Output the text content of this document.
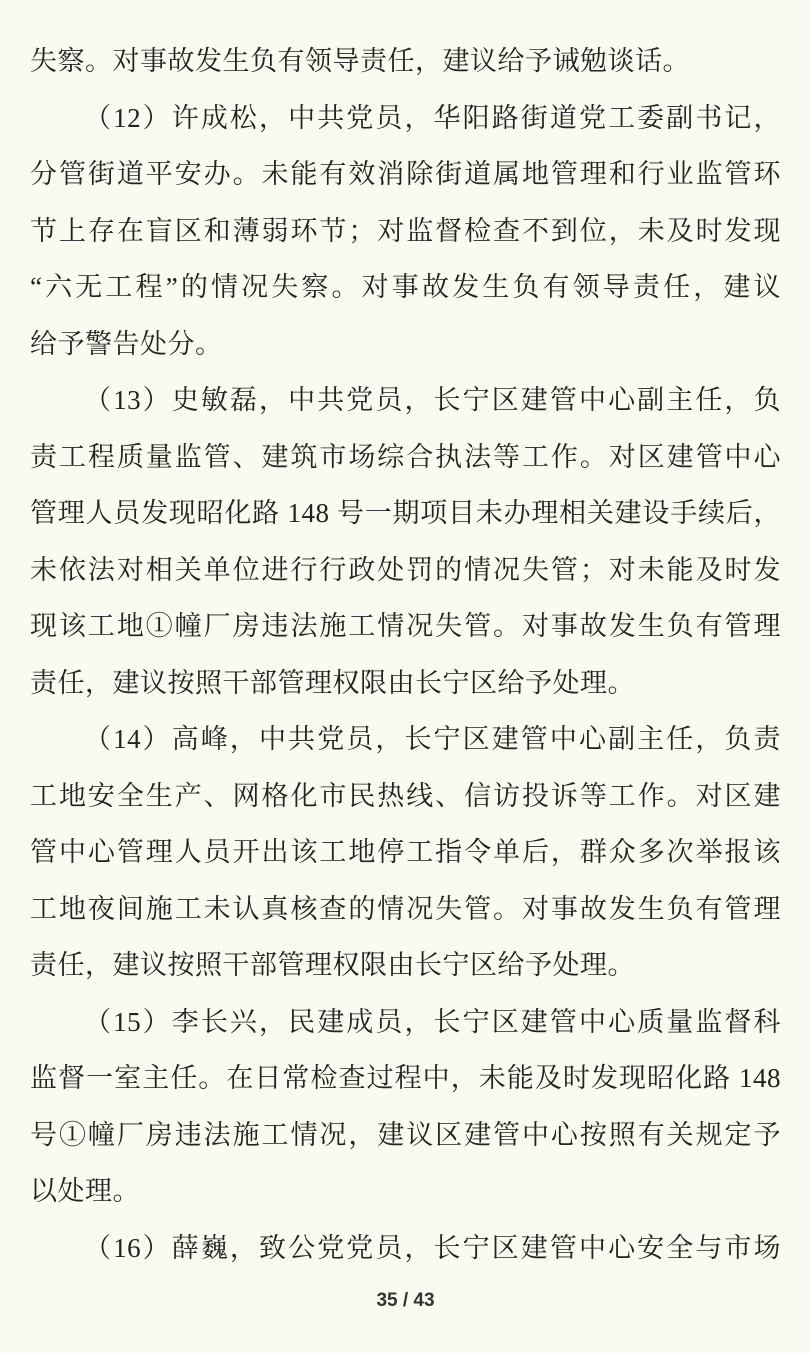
失察。对事故发生负有领导责任，建议给予诫勉谈话。
（12）许成松，中共党员，华阳路街道党工委副书记，
分管街道平安办。未能有效消除街道属地管理和行业监管环
节上存在盲区和薄弱环节；对监督检查不到位，未及时发现
“六无工程”的情况失察。对事故发生负有领导责任，建议
给予警告处分。
（13）史敏磊，中共党员，长宁区建管中心副主任，负
责工程质量监管、建筑市场综合执法等工作。对区建管中心
管理人员发现昭化路 148 号一期项目未办理相关建设手续后，
未依法对相关单位进行行政处罚的情况失管；对未能及时发
现该工地①幢厂房违法施工情况失管。对事故发生负有管理
责任，建议按照干部管理权限由长宁区给予处理。
（14）高峰，中共党员，长宁区建管中心副主任，负责
工地安全生产、网格化市民热线、信访投诉等工作。对区建
管中心管理人员开出该工地停工指令单后，群众多次举报该
工地夜间施工未认真核查的情况失管。对事故发生负有管理
责任，建议按照干部管理权限由长宁区给予处理。
（15）李长兴，民建成员，长宁区建管中心质量监督科
监督一室主任。在日常检查过程中，未能及时发现昭化路 148
号①幢厂房违法施工情况，建议区建管中心按照有关规定予
以处理。
（16）薛巍，致公党党员，长宁区建管中心安全与市场
35 / 43
